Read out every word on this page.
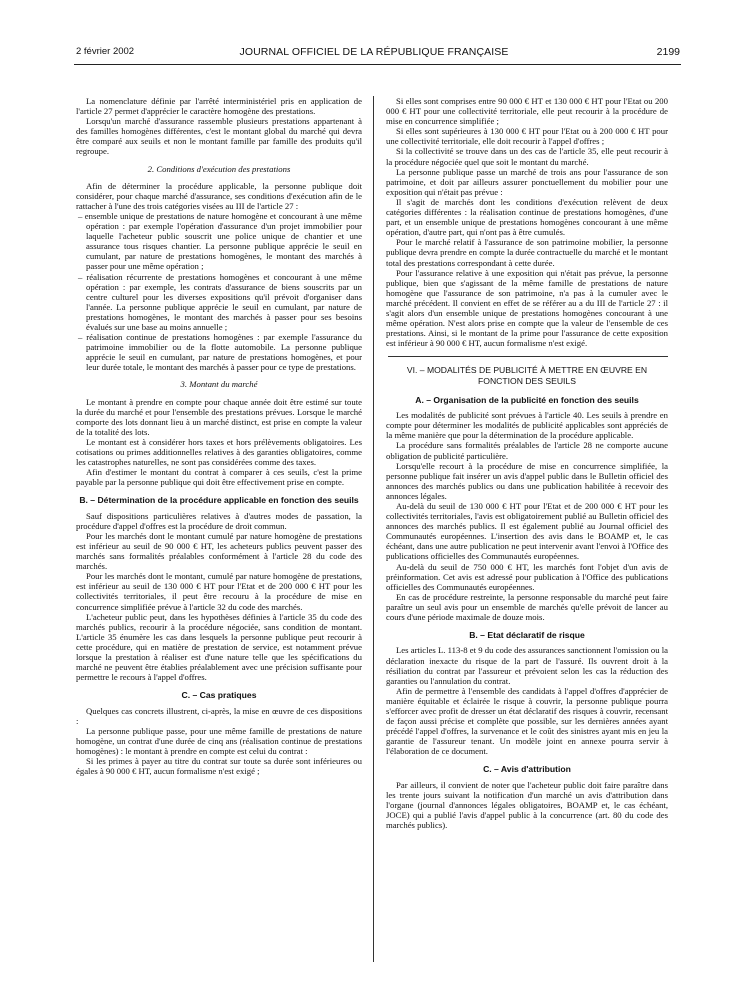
2 février 2002	JOURNAL OFFICIEL DE LA RÉPUBLIQUE FRANÇAISE	2199

La nomenclature définie par l'arrêté interministériel pris en application de l'article 27 permet d'apprécier le caractère homogène des prestations.

Lorsqu'un marché d'assurance rassemble plusieurs prestations appartenant à des familles homogènes différentes, c'est le montant global du marché qui devra être comparé aux seuils et non le montant famille par famille des produits qu'il regroupe.

2. Conditions d'exécution des prestations

Afin de déterminer la procédure applicable, la personne publique doit considérer, pour chaque marché d'assurance, ses conditions d'exécution afin de le rattacher à l'une des trois catégories visées au III de l'article 27 :

– ensemble unique de prestations de nature homogène et concourant à une même opération : par exemple l'opération d'assurance d'un projet immobilier pour laquelle l'acheteur public souscrit une police unique de chantier et une assurance tous risques chantier. La personne publique apprécie le seuil en cumulant, par nature de prestations homogènes, le montant des marchés à passer pour une même opération ;
– réalisation récurrente de prestations homogènes et concourant à une même opération : par exemple, les contrats d'assurance de biens souscrits par un centre culturel pour les diverses expositions qu'il prévoit d'organiser dans l'année. La personne publique apprécie le seuil en cumulant, par nature de prestations homogènes, le montant des marchés à passer pour ses besoins évalués sur une base au moins annuelle ;
– réalisation continue de prestations homogènes : par exemple l'assurance du patrimoine immobilier ou de la flotte automobile. La personne publique apprécie le seuil en cumulant, par nature de prestations homogènes, et pour leur durée totale, le montant des marchés à passer pour ce type de prestations.
3. Montant du marché

Le montant à prendre en compte pour chaque année doit être estimé sur toute la durée du marché et pour l'ensemble des prestations prévues. Lorsque le marché comporte des lots donnant lieu à un marché distinct, est prise en compte la valeur de la totalité des lots.

Le montant est à considérer hors taxes et hors prélèvements obligatoires. Les cotisations ou primes additionnelles relatives à des garanties obligatoires, comme les catastrophes naturelles, ne sont pas considérées comme des taxes.

Afin d'estimer le montant du contrat à comparer à ces seuils, c'est la prime payable par la personne publique qui doit être effectivement prise en compte.

B. – Détermination de la procédure applicable en fonction des seuils

Sauf dispositions particulières relatives à d'autres modes de passation, la procédure d'appel d'offres est la procédure de droit commun.

Pour les marchés dont le montant cumulé par nature homogène de prestations est inférieur au seuil de 90 000 € HT, les acheteurs publics peuvent passer des marchés sans formalités préalables conformément à l'article 28 du code des marchés.

Pour les marchés dont le montant, cumulé par nature homogène de prestations, est inférieur au seuil de 130 000 € HT pour l'Etat et de 200 000 € HT pour les collectivités territoriales, il peut être recouru à la procédure de mise en concurrence simplifiée prévue à l'article 32 du code des marchés.

L'acheteur public peut, dans les hypothèses définies à l'article 35 du code des marchés publics, recourir à la procédure négociée, sans condition de montant. L'article 35 énumère les cas dans lesquels la personne publique peut recourir à cette procédure, qui en matière de prestation de service, est notamment prévue lorsque la prestation à réaliser est d'une nature telle que les spécifications du marché ne peuvent être établies préalablement avec une précision suffisante pour permettre le recours à l'appel d'offres.

C. – Cas pratiques

Quelques cas concrets illustrent, ci-après, la mise en œuvre de ces dispositions :

La personne publique passe, pour une même famille de prestations de nature homogène, un contrat d'une durée de cinq ans (réalisation continue de prestations homogènes) : le montant à prendre en compte est celui du contrat :

Si les primes à payer au titre du contrat sur toute sa durée sont inférieures ou égales à 90 000 € HT, aucun formalisme n'est exigé ;

Si elles sont comprises entre 90 000 € HT et 130 000 € HT pour l'Etat ou 200 000 € HT pour une collectivité territoriale, elle peut recourir à la procédure de mise en concurrence simplifiée ;

Si elles sont supérieures à 130 000 € HT pour l'Etat ou à 200 000 € HT pour une collectivité territoriale, elle doit recourir à l'appel d'offres ;

Si la collectivité se trouve dans un des cas de l'article 35, elle peut recourir à la procédure négociée quel que soit le montant du marché.

La personne publique passe un marché de trois ans pour l'assurance de son patrimoine, et doit par ailleurs assurer ponctuellement du mobilier pour une exposition qui n'était pas prévue :

Il s'agit de marchés dont les conditions d'exécution relèvent de deux catégories différentes : la réalisation continue de prestations homogènes, d'une part, et un ensemble unique de prestations homogènes concourant à une même opération, d'autre part, qui n'ont pas à être cumulés.

Pour le marché relatif à l'assurance de son patrimoine mobilier, la personne publique devra prendre en compte la durée contractuelle du marché et le montant total des prestations correspondant à cette durée.

Pour l'assurance relative à une exposition qui n'était pas prévue, la personne publique, bien que s'agissant de la même famille de prestations de nature homogène que l'assurance de son patrimoine, n'a pas à la cumuler avec le marché précédent. Il convient en effet de se référer au a du III de l'article 27 : il s'agit alors d'un ensemble unique de prestations homogènes concourant à une même opération. N'est alors prise en compte que la valeur de l'ensemble de ces prestations. Ainsi, si le montant de la prime pour l'assurance de cette exposition est inférieur à 90 000 € HT, aucun formalisme n'est exigé.

VI. – MODALITÉS DE PUBLICITÉ À METTRE EN ŒUVRE EN FONCTION DES SEUILS
A. – Organisation de la publicité en fonction des seuils

Les modalités de publicité sont prévues à l'article 40. Les seuils à prendre en compte pour déterminer les modalités de publicité applicables sont appréciés de la même manière que pour la détermination de la procédure applicable.

La procédure sans formalités préalables de l'article 28 ne comporte aucune obligation de publicité particulière.

Lorsqu'elle recourt à la procédure de mise en concurrence simplifiée, la personne publique fait insérer un avis d'appel public dans le Bulletin officiel des annonces des marchés publics ou dans une publication habilitée à recevoir des annonces légales.

Au-delà du seuil de 130 000 € HT pour l'Etat et de 200 000 € HT pour les collectivités territoriales, l'avis est obligatoirement publié au Bulletin officiel des annonces des marchés publics. Il est également publié au Journal officiel des Communautés européennes. L'insertion des avis dans le BOAMP et, le cas échéant, dans une autre publication ne peut intervenir avant l'envoi à l'Office des publications officielles des Communautés européennes.

Au-delà du seuil de 750 000 € HT, les marchés font l'objet d'un avis de préinformation. Cet avis est adressé pour publication à l'Office des publications officielles des Communautés européennes.

En cas de procédure restreinte, la personne responsable du marché peut faire paraître un seul avis pour un ensemble de marchés qu'elle prévoit de lancer au cours d'une période maximale de douze mois.

B. – Etat déclaratif de risque

Les articles L. 113-8 et 9 du code des assurances sanctionnent l'omission ou la déclaration inexacte du risque de la part de l'assuré. Ils ouvrent droit à la résiliation du contrat par l'assureur et prévoient selon les cas la réduction des garanties ou l'annulation du contrat.

Afin de permettre à l'ensemble des candidats à l'appel d'offres d'apprécier de manière équitable et éclairée le risque à couvrir, la personne publique pourra s'efforcer avec profit de dresser un état déclaratif des risques à couvrir, recensant de façon aussi précise et complète que possible, sur les dernières années ayant précédé l'appel d'offres, la survenance et le coût des sinistres ayant mis en jeu la garantie de l'assureur tenant. Un modèle joint en annexe pourra servir à l'élaboration de ce document.

C. – Avis d'attribution

Par ailleurs, il convient de noter que l'acheteur public doit faire paraître dans les trente jours suivant la notification d'un marché un avis d'attribution dans l'organe (journal d'annonces légales obligatoires, BOAMP et, le cas échéant, JOCE) qui a publié l'avis d'appel public à la concurrence (art. 80 du code des marchés publics).
